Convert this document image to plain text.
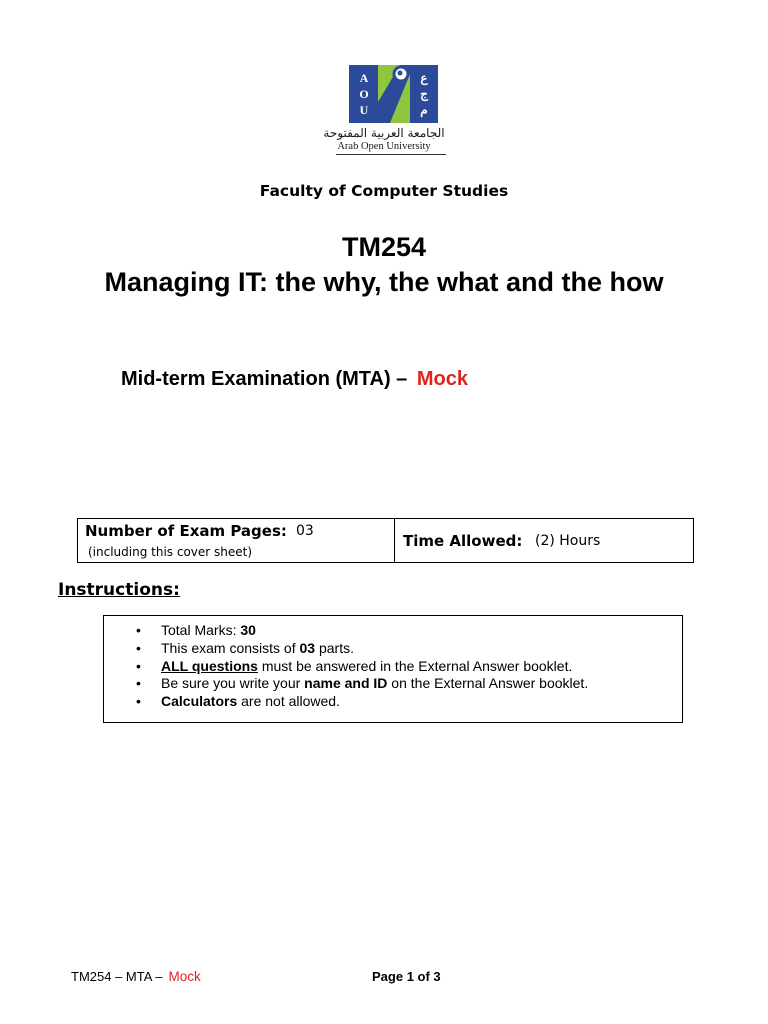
A
O
U
ع
ج
م
الجامعة العربية المفتوحة
Arab Open University
Faculty of Computer Studies
TM254
Managing IT: the why, the what and the how
Mid-term Examination (MTA) – Mock
Number of Exam Pages: 03
(including this cover sheet)
Time Allowed: (2) Hours
Instructions:
• Total Marks: 30
• This exam consists of 03 parts.
• ALL questions must be answered in the External Answer booklet.
• Be sure you write your name and ID on the External Answer booklet.
• Calculators are not allowed.
TM254 – MTA – Mock	Page 1 of 3
